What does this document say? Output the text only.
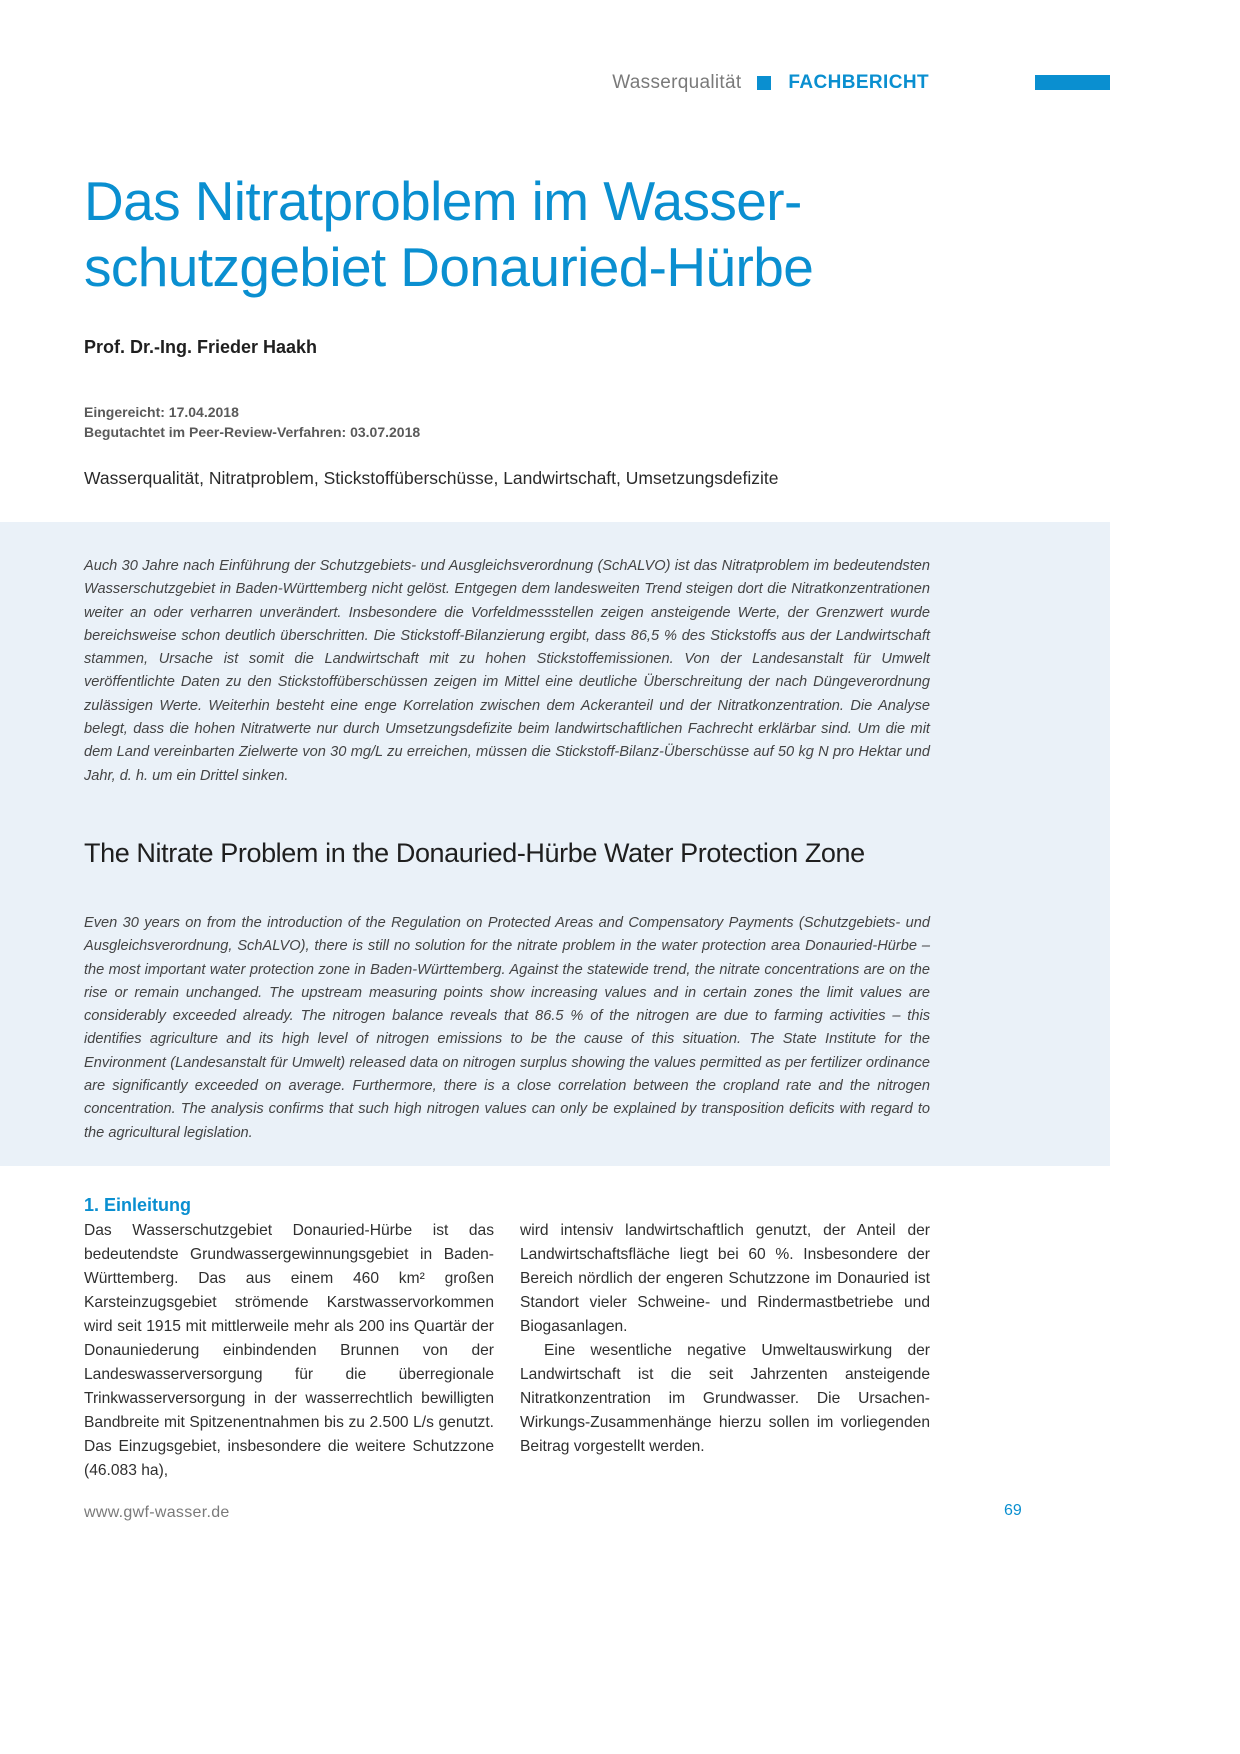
Wasserqualität FACHBERICHT
Das Nitratproblem im Wasser-
schutzgebiet Donauried-Hürbe
Prof. Dr.-Ing. Frieder Haakh
Eingereicht: 17.04.2018
Begutachtet im Peer-Review-Verfahren: 03.07.2018
Wasserqualität, Nitratproblem, Stickstoffüberschüsse, Landwirtschaft, Umsetzungsdefizite

Auch 30 Jahre nach Einführung der Schutzgebiets- und Ausgleichsverordnung (SchALVO) ist das Nitratproblem im bedeutendsten Wasserschutzgebiet in Baden-Württemberg nicht gelöst. Entgegen dem landesweiten Trend steigen dort die Nitratkonzentrationen weiter an oder verharren unverändert. Insbesondere die Vorfeldmessstellen zeigen ansteigende Werte, der Grenzwert wurde bereichsweise schon deutlich überschritten. Die Stickstoff-Bilanzierung ergibt, dass 86,5 % des Stickstoffs aus der Landwirtschaft stammen, Ursache ist somit die Landwirtschaft mit zu hohen Stickstoffemissionen. Von der Landesanstalt für Umwelt veröffentlichte Daten zu den Stickstoffüberschüssen zeigen im Mittel eine deutliche Überschreitung der nach Düngeverordnung zulässigen Werte. Weiterhin besteht eine enge Korrelation zwischen dem Ackeranteil und der Nitratkonzentration. Die Analyse belegt, dass die hohen Nitratwerte nur durch Umsetzungsdefizite beim landwirtschaftlichen Fachrecht erklärbar sind. Um die mit dem Land vereinbarten Zielwerte von 30 mg/L zu erreichen, müssen die Stickstoff-Bilanz-Überschüsse auf 50 kg N pro Hektar und Jahr, d. h. um ein Drittel sinken.

The Nitrate Problem in the Donauried-Hürbe Water Protection Zone

Even 30 years on from the introduction of the Regulation on Protected Areas and Compensatory Payments (Schutzgebiets- und Ausgleichsverordnung, SchALVO), there is still no solution for the nitrate problem in the water protection area Donauried-Hürbe – the most important water protection zone in Baden-Württemberg. Against the statewide trend, the nitrate concentrations are on the rise or remain unchanged. The upstream measuring points show increasing values and in certain zones the limit values are considerably exceeded already. The nitrogen balance reveals that 86.5 % of the nitrogen are due to farming activities – this identifies agriculture and its high level of nitrogen emissions to be the cause of this situation. The State Institute for the Environment (Landesanstalt für Umwelt) released data on nitrogen surplus showing the values permitted as per fertilizer ordinance are significantly exceeded on average. Furthermore, there is a close correlation between the cropland rate and the nitrogen concentration. The analysis confirms that such high nitrogen values can only be explained by transposition deficits with regard to the agricultural legislation.

1. Einleitung

Das Wasserschutzgebiet Donauried-Hürbe ist das bedeutendste Grundwassergewinnungsgebiet in Baden-Württemberg. Das aus einem 460 km² großen Karsteinzugsgebiet strömende Karstwasservorkommen wird seit 1915 mit mittlerweile mehr als 200 ins Quartär der Donauniederung einbindenden Brunnen von der Landeswasserversorgung für die überregionale Trinkwasserversorgung in der wasserrechtlich bewilligten Bandbreite mit Spitzenentnahmen bis zu 2.500 L/s genutzt. Das Einzugsgebiet, insbesondere die weitere Schutzzone (46.083 ha),

wird intensiv landwirtschaftlich genutzt, der Anteil der Landwirtschaftsfläche liegt bei 60 %. Insbesondere der Bereich nördlich der engeren Schutzzone im Donauried ist Standort vieler Schweine- und Rindermastbetriebe und Biogasanlagen.

Eine wesentliche negative Umweltauswirkung der Landwirtschaft ist die seit Jahrzenten ansteigende Nitratkonzentration im Grundwasser. Die Ursachen-Wirkungs-Zusammenhänge hierzu sollen im vorliegenden Beitrag vorgestellt werden.

www.gwf-wasser.de	69
